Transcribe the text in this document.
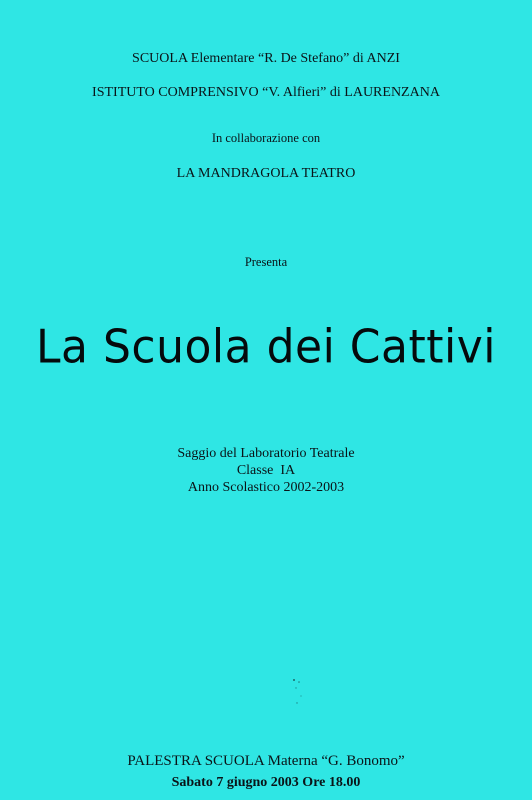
SCUOLA Elementare “R. De Stefano” di ANZI
ISTITUTO COMPRENSIVO “V. Alfieri” di LAURENZANA
In collaborazione con
LA MANDRAGOLA TEATRO
Presenta
La Scuola dei Cattivi
Saggio del Laboratorio Teatrale
Classe  IA
Anno Scolastico 2002-2003
PALESTRA SCUOLA Materna “G. Bonomo”
Sabato 7 giugno 2003 Ore 18.00
